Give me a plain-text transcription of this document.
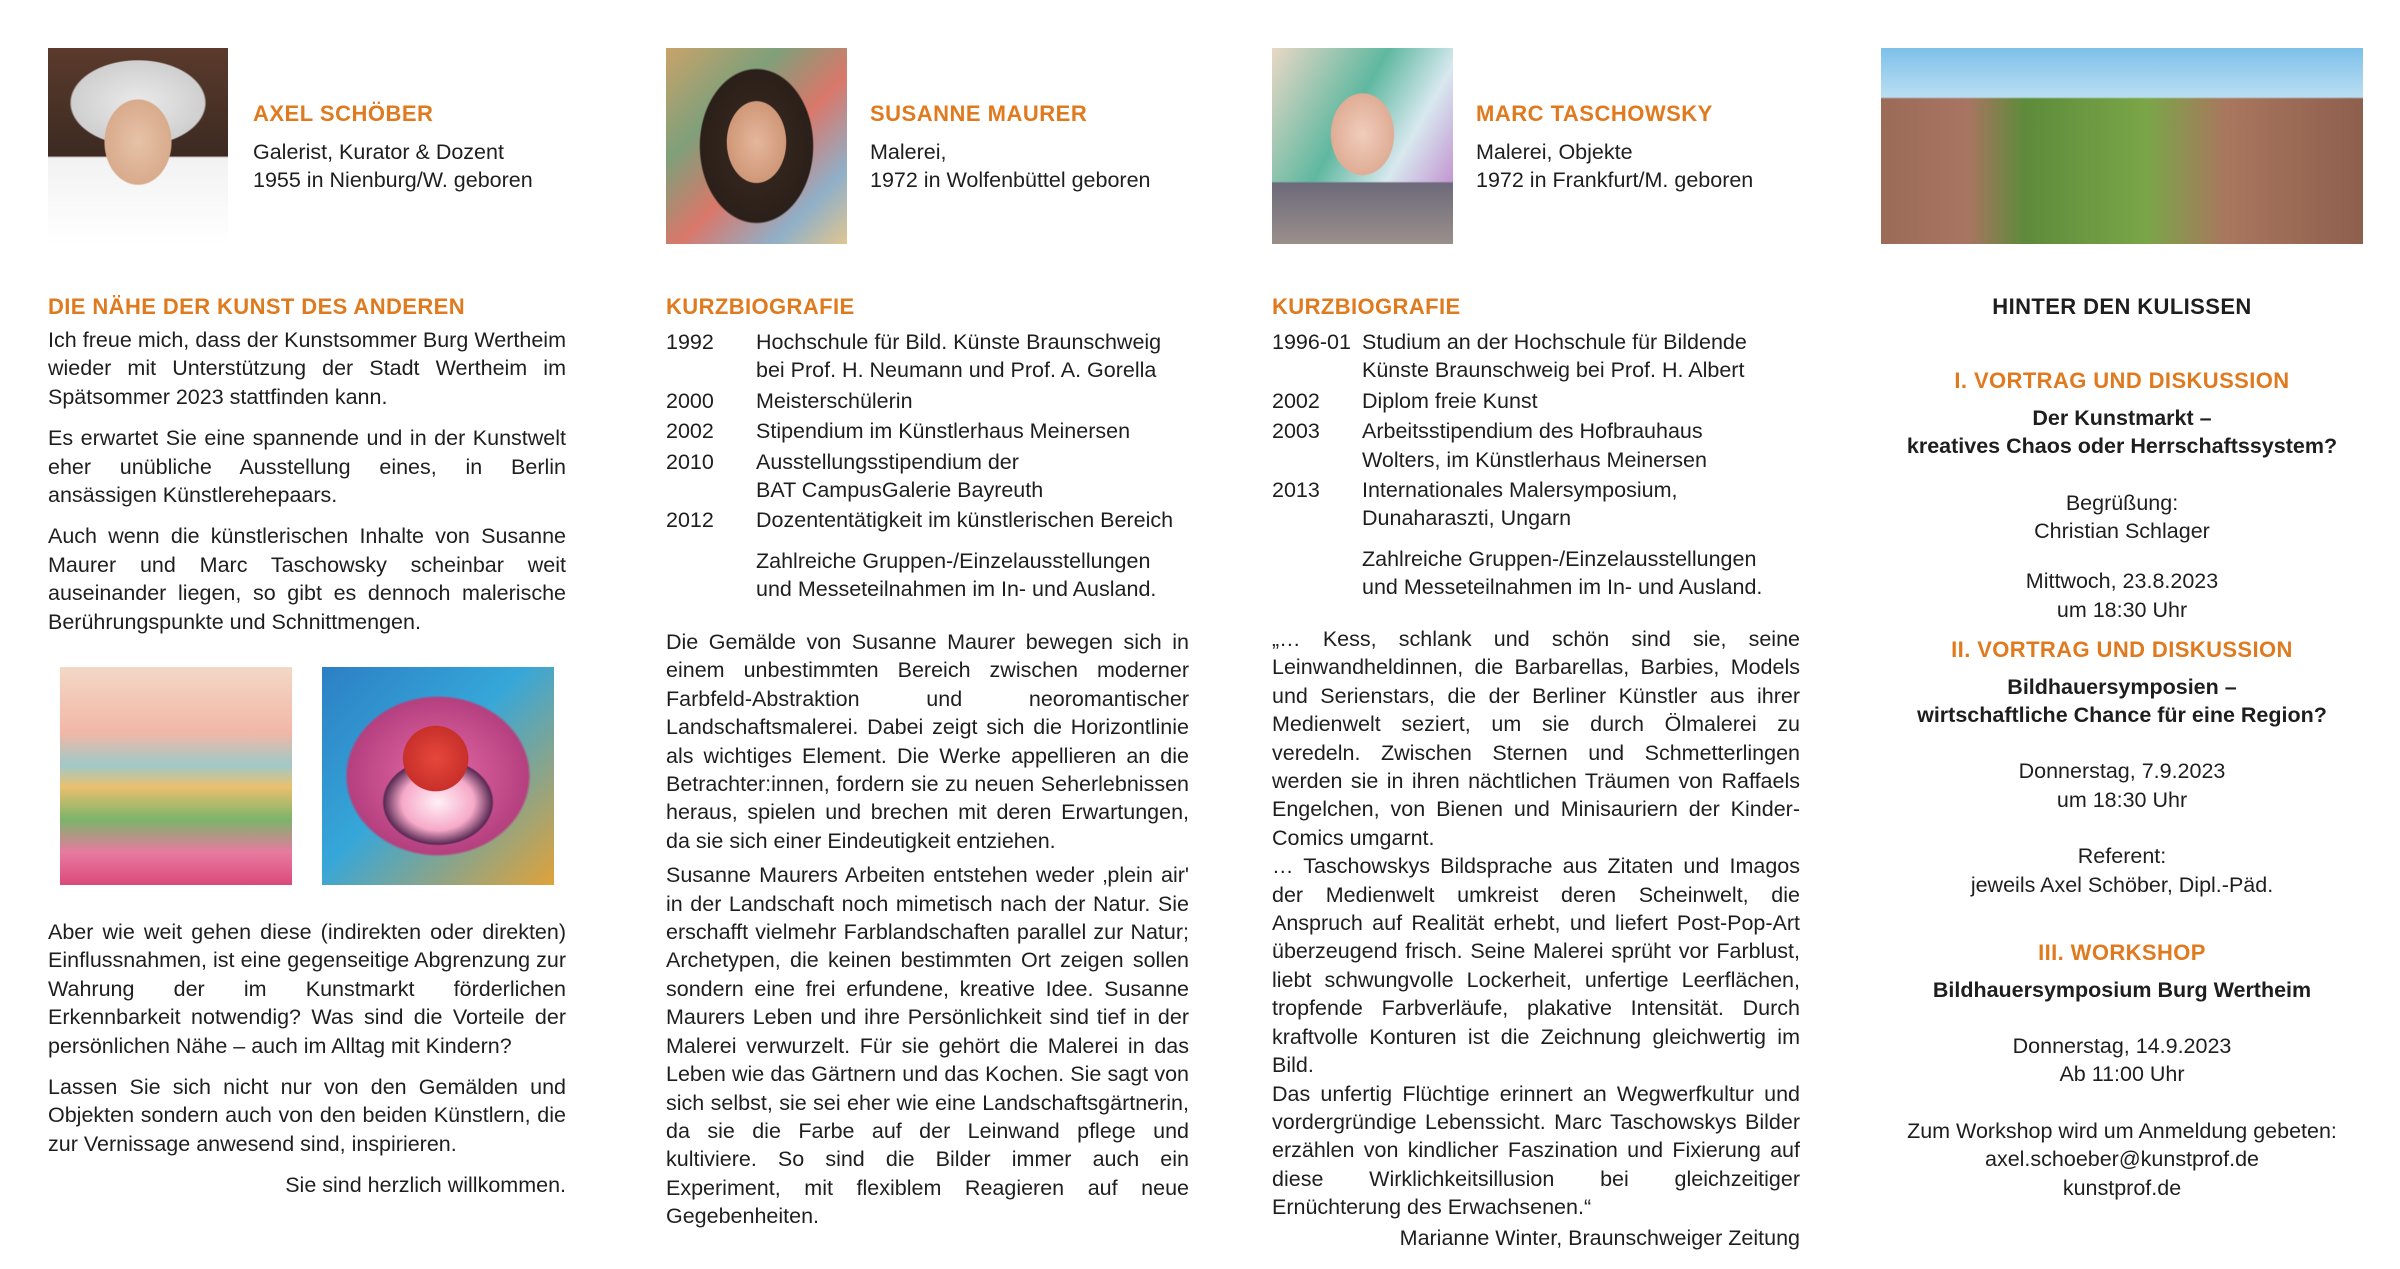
AXEL SCHÖBER
Galerist, Kurator & Dozent
1955 in Nienburg/W. geboren
DIE NÄHE DER KUNST DES ANDEREN

Ich freue mich, dass der Kunstsommer Burg Wertheim wieder mit Unterstützung der Stadt Wertheim im Spätsommer 2023 stattfinden kann.

Es erwartet Sie eine spannende und in der Kunstwelt eher unübliche Ausstellung eines, in Berlin ansässigen Künstlerehepaars.

Auch wenn die künstlerischen Inhalte von Susanne Maurer und Marc Taschowsky scheinbar weit auseinander liegen, so gibt es dennoch malerische Berührungspunkte und Schnittmengen.

Aber wie weit gehen diese (indirekten oder direkten) Einflussnahmen, ist eine gegenseitige Abgrenzung zur Wahrung der im Kunstmarkt förderlichen Erkennbarkeit notwendig? Was sind die Vorteile der persönlichen Nähe – auch im Alltag mit Kindern?

Lassen Sie sich nicht nur von den Gemälden und Objekten sondern auch von den beiden Künstlern, die zur Vernissage anwesend sind, inspirieren.

Sie sind herzlich willkommen.

SUSANNE MAURER
Malerei,
1972 in Wolfenbüttel geboren
KURZBIOGRAFIE
1992	Hochschule für Bild. Künste Braunschweig
bei Prof. H. Neumann und Prof. A. Gorella
2000	Meisterschülerin
2002	Stipendium im Künstlerhaus Meinersen
2010	Ausstellungsstipendium der
BAT CampusGalerie Bayreuth
2012	Dozententätigkeit im künstlerischen Bereich
Zahlreiche Gruppen-/Einzelausstellungen
und Messeteilnahmen im In- und Ausland.

Die Gemälde von Susanne Maurer bewegen sich in einem unbestimmten Bereich zwischen moderner Farbfeld-Abstraktion und neoromantischer Landschaftsmalerei. Dabei zeigt sich die Horizontlinie als wichtiges Element. Die Werke appellieren an die Betrachter:innen, fordern sie zu neuen Seherlebnissen heraus, spielen und brechen mit deren Erwartungen, da sie sich einer Eindeutigkeit entziehen.

Susanne Maurers Arbeiten entstehen weder ‚plein air' in der Landschaft noch mimetisch nach der Natur. Sie erschafft vielmehr Farblandschaften parallel zur Natur; Archetypen, die keinen bestimmten Ort zeigen sollen sondern eine frei erfundene, kreative Idee. Susanne Maurers Leben und ihre Persönlichkeit sind tief in der Malerei verwurzelt. Für sie gehört die Malerei in das Leben wie das Gärtnern und das Kochen. Sie sagt von sich selbst, sie sei eher wie eine Landschaftsgärtnerin, da sie die Farbe auf der Leinwand pflege und kultiviere. So sind die Bilder immer auch ein Experiment, mit flexiblem Reagieren auf neue Gegebenheiten.

MARC TASCHOWSKY
Malerei, Objekte
1972 in Frankfurt/M. geboren
KURZBIOGRAFIE
1996-01 Studium an der Hochschule für Bildende
Künste Braunschweig bei Prof. H. Albert
2002	Diplom freie Kunst
2003	Arbeitsstipendium des Hofbrauhaus
Wolters, im Künstlerhaus Meinersen
2013	Internationales Malersymposium,
Dunaharaszti, Ungarn
Zahlreiche Gruppen-/Einzelausstellungen
und Messeteilnahmen im In- und Ausland.

„… Kess, schlank und schön sind sie, seine Leinwandheldinnen, die Barbarellas, Barbies, Models und Serienstars, die der Berliner Künstler aus ihrer Medienwelt seziert, um sie durch Ölmalerei zu veredeln. Zwischen Sternen und Schmetterlingen werden sie in ihren nächtlichen Träumen von Raffaels Engelchen, von Bienen und Minisauriern der Kinder-Comics umgarnt.

… Taschowskys Bildsprache aus Zitaten und Imagos der Medienwelt umkreist deren Scheinwelt, die Anspruch auf Realität erhebt, und liefert Post-Pop-Art überzeugend frisch. Seine Malerei sprüht vor Farblust, liebt schwungvolle Lockerheit, unfertige Leerflächen, tropfende Farbverläufe, plakative Intensität. Durch kraftvolle Konturen ist die Zeichnung gleichwertig im Bild.

Das unfertig Flüchtige erinnert an Wegwerfkultur und vordergründige Lebenssicht. Marc Taschowskys Bilder erzählen von kindlicher Faszination und Fixierung auf diese Wirklichkeitsillusion bei gleichzeitiger Ernüchterung des Erwachsenen.“

Marianne Winter, Braunschweiger Zeitung

HINTER DEN KULISSEN
I. VORTRAG UND DISKUSSION
Der Kunstmarkt –
kreatives Chaos oder Herrschaftssystem?
Begrüßung:
Christian Schlager
Mittwoch, 23.8.2023
um 18:30 Uhr
II. VORTRAG UND DISKUSSION
Bildhauersymposien –
wirtschaftliche Chance für eine Region?
Donnerstag, 7.9.2023
um 18:30 Uhr
Referent:
jeweils Axel Schöber, Dipl.-Päd.
III. WORKSHOP
Bildhauersymposium Burg Wertheim
Donnerstag, 14.9.2023
Ab 11:00 Uhr
Zum Workshop wird um Anmeldung gebeten:
axel.schoeber@kunstprof.de
kunstprof.de
